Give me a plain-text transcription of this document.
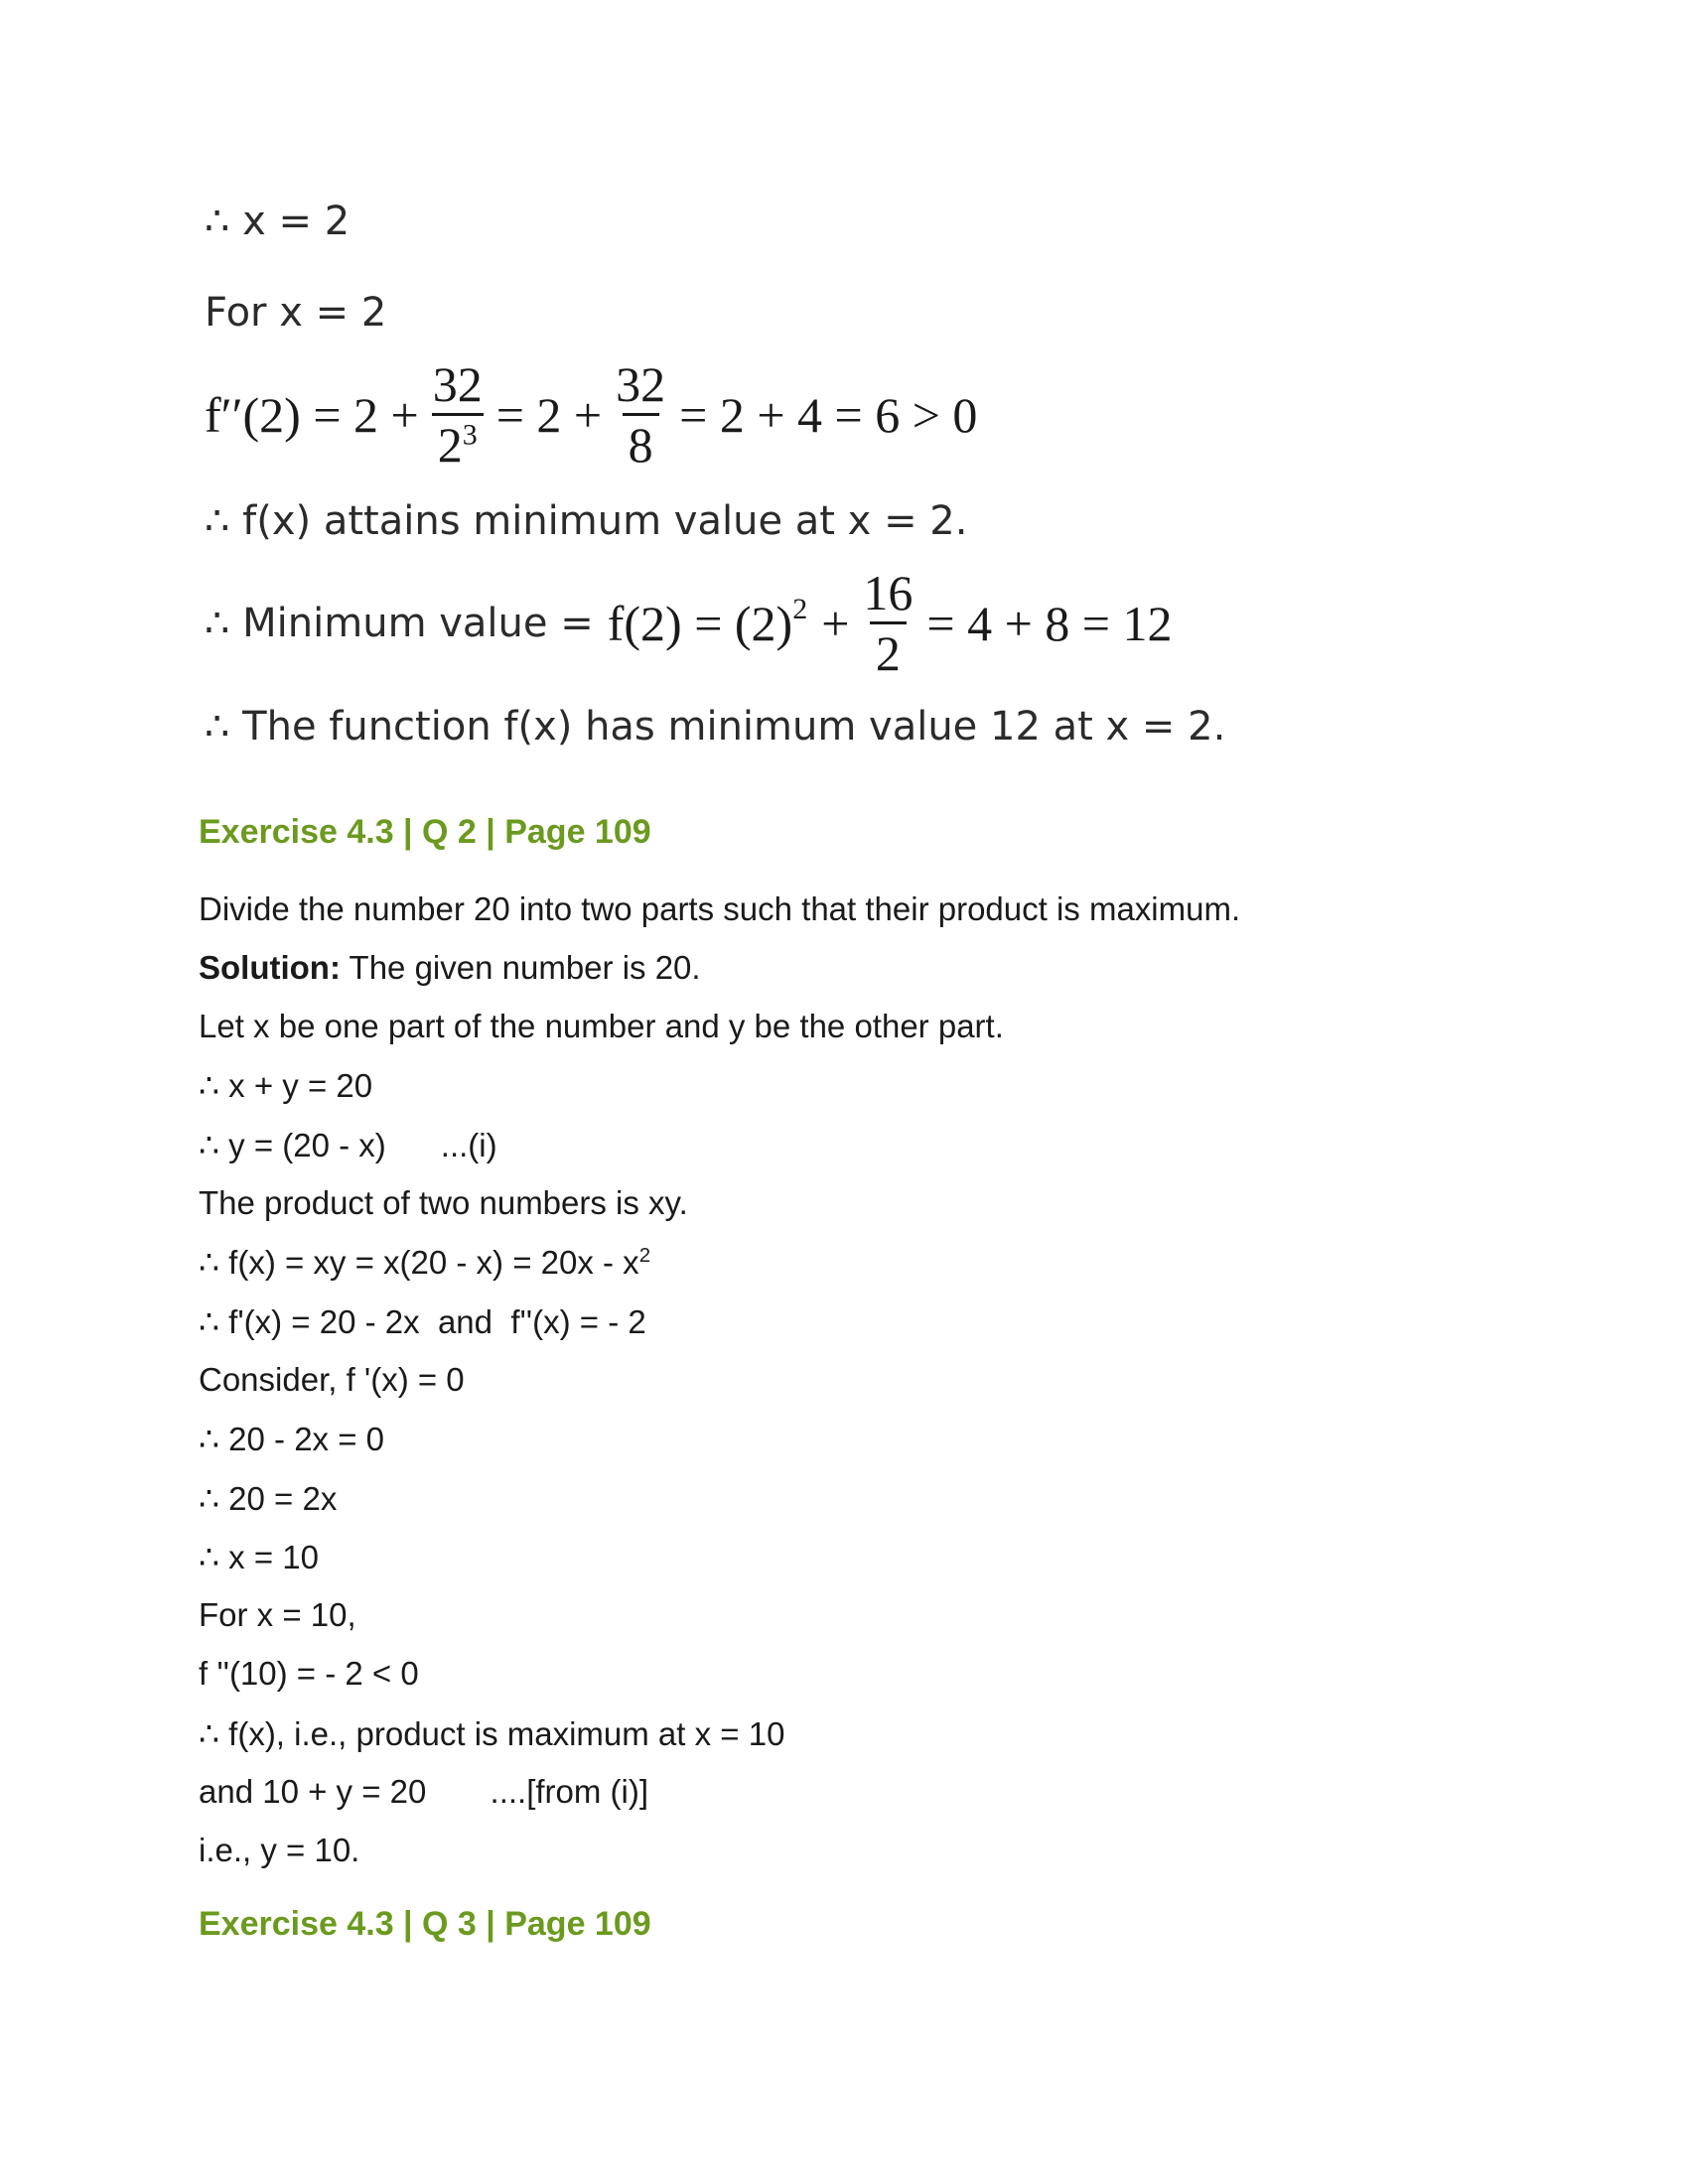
∴ x = 2
For x = 2
$f''(2) = 2 + \frac{32}{2^3} = 2 + \frac{32}{8} = 2 + 4 = 6 > 0$
∴ f(x) attains minimum value at x = 2.
∴ Minimum value = $f(2) = (2)^2 + \frac{16}{2} = 4 + 8 = 12$
∴ The function f(x) has minimum value 12 at x = 2.
Exercise 4.3 | Q 2 | Page 109
Divide the number 20 into two parts such that their product is maximum.
Solution: The given number is 20.
Let x be one part of the number and y be the other part.
∴ x + y = 20
∴ y = (20 - x)      ...(i)
The product of two numbers is xy.
∴ f(x) = xy = $x(20 - x) = 20x - x^2$
∴ f'(x) = 20 - 2x  and  f''(x) = - 2
Consider, f '(x) = 0
∴ 20 - 2x = 0
∴ 20 = 2x
∴ x = 10
For x = 10,
f ''(10) = - 2 < 0
∴ f(x), i.e., product is maximum at x = 10
and 10 + y = 20       ....[from (i)]
i.e., y = 10.
Exercise 4.3 | Q 3 | Page 109
